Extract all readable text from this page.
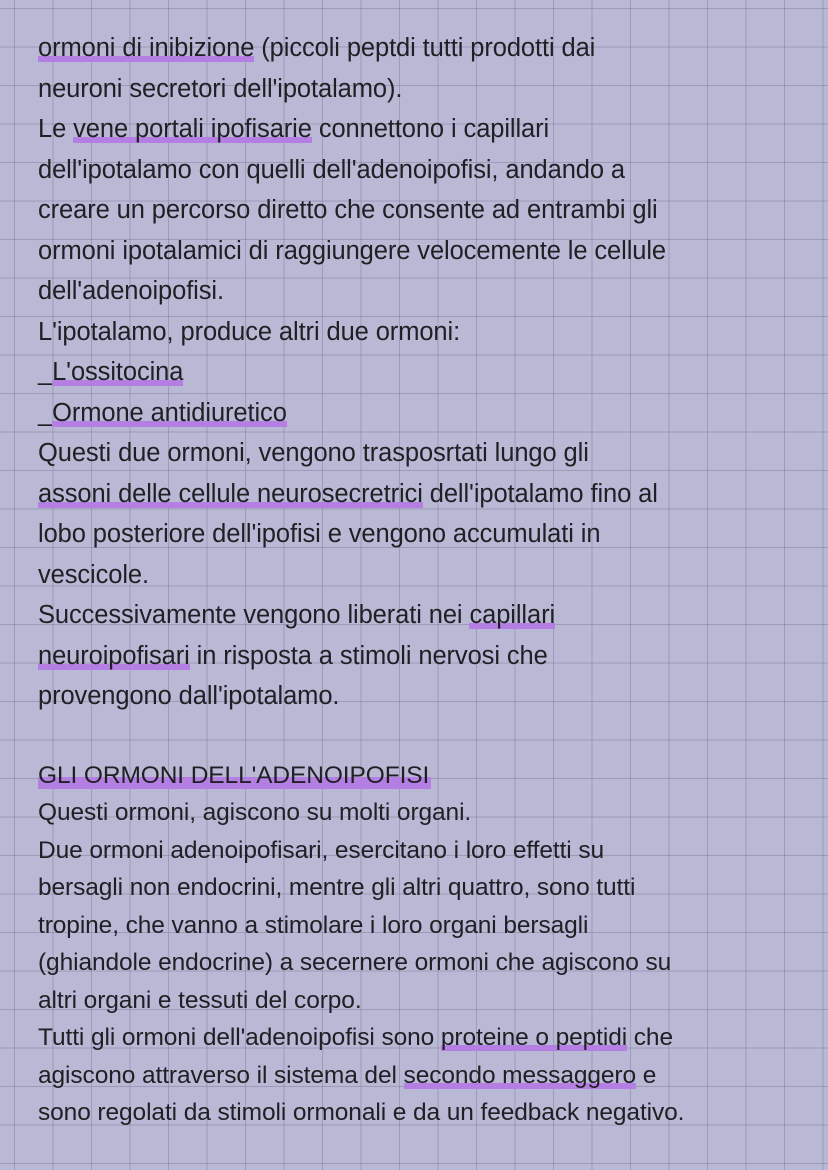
ormoni di inibizione (piccoli peptdi tutti prodotti dai
neuroni secretori dell'ipotalamo).
Le vene portali ipofisarie connettono i capillari
dell'ipotalamo con quelli dell'adenoipofisi, andando a
creare un percorso diretto che consente ad entrambi gli
ormoni ipotalamici di raggiungere velocemente le cellule
dell'adenoipofisi.
L'ipotalamo, produce altri due ormoni:
_L'ossitocina
_Ormone antidiuretico
Questi due ormoni, vengono trasposrtati lungo gli
assoni delle cellule neurosecretrici dell'ipotalamo fino al
lobo posteriore dell'ipofisi e vengono accumulati in
vescicole.
Successivamente vengono liberati nei capillari
neuroipofisari in risposta a stimoli nervosi che
provengono dall'ipotalamo.
GLI ORMONI DELL'ADENOIPOFISI
Questi ormoni, agiscono su molti organi.
Due ormoni adenoipofisari, esercitano i loro effetti su
bersagli non endocrini, mentre gli altri quattro, sono tutti
tropine, che vanno a stimolare i loro organi bersagli
(ghiandole endocrine) a secernere ormoni che agiscono su
altri organi e tessuti del corpo.
Tutti gli ormoni dell'adenoipofisi sono proteine o peptidi che
agiscono attraverso il sistema del secondo messaggero e
sono regolati da stimoli ormonali e da un feedback negativo.
